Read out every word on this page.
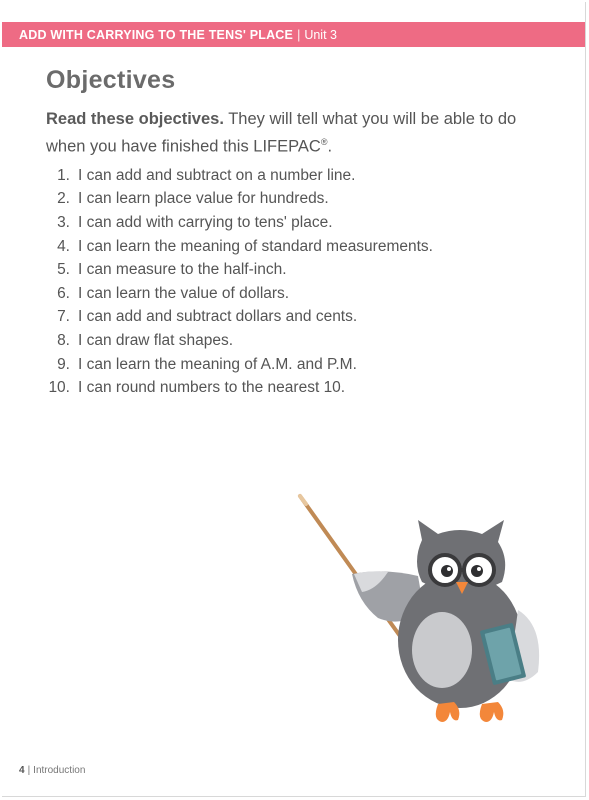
ADD WITH CARRYING TO THE TENS' PLACE | Unit 3
Objectives

Read these objectives. They will tell what you will be able to do when you have finished this LIFEPAC®.

1. I can add and subtract on a number line.
2. I can learn place value for hundreds.
3. I can add with carrying to tens' place.
4. I can learn the meaning of standard measurements.
5. I can measure to the half-inch.
6. I can learn the value of dollars.
7. I can add and subtract dollars and cents.
8. I can draw flat shapes.
9. I can learn the meaning of A.M. and P.M.
10. I can round numbers to the nearest 10.
4 | Introduction
